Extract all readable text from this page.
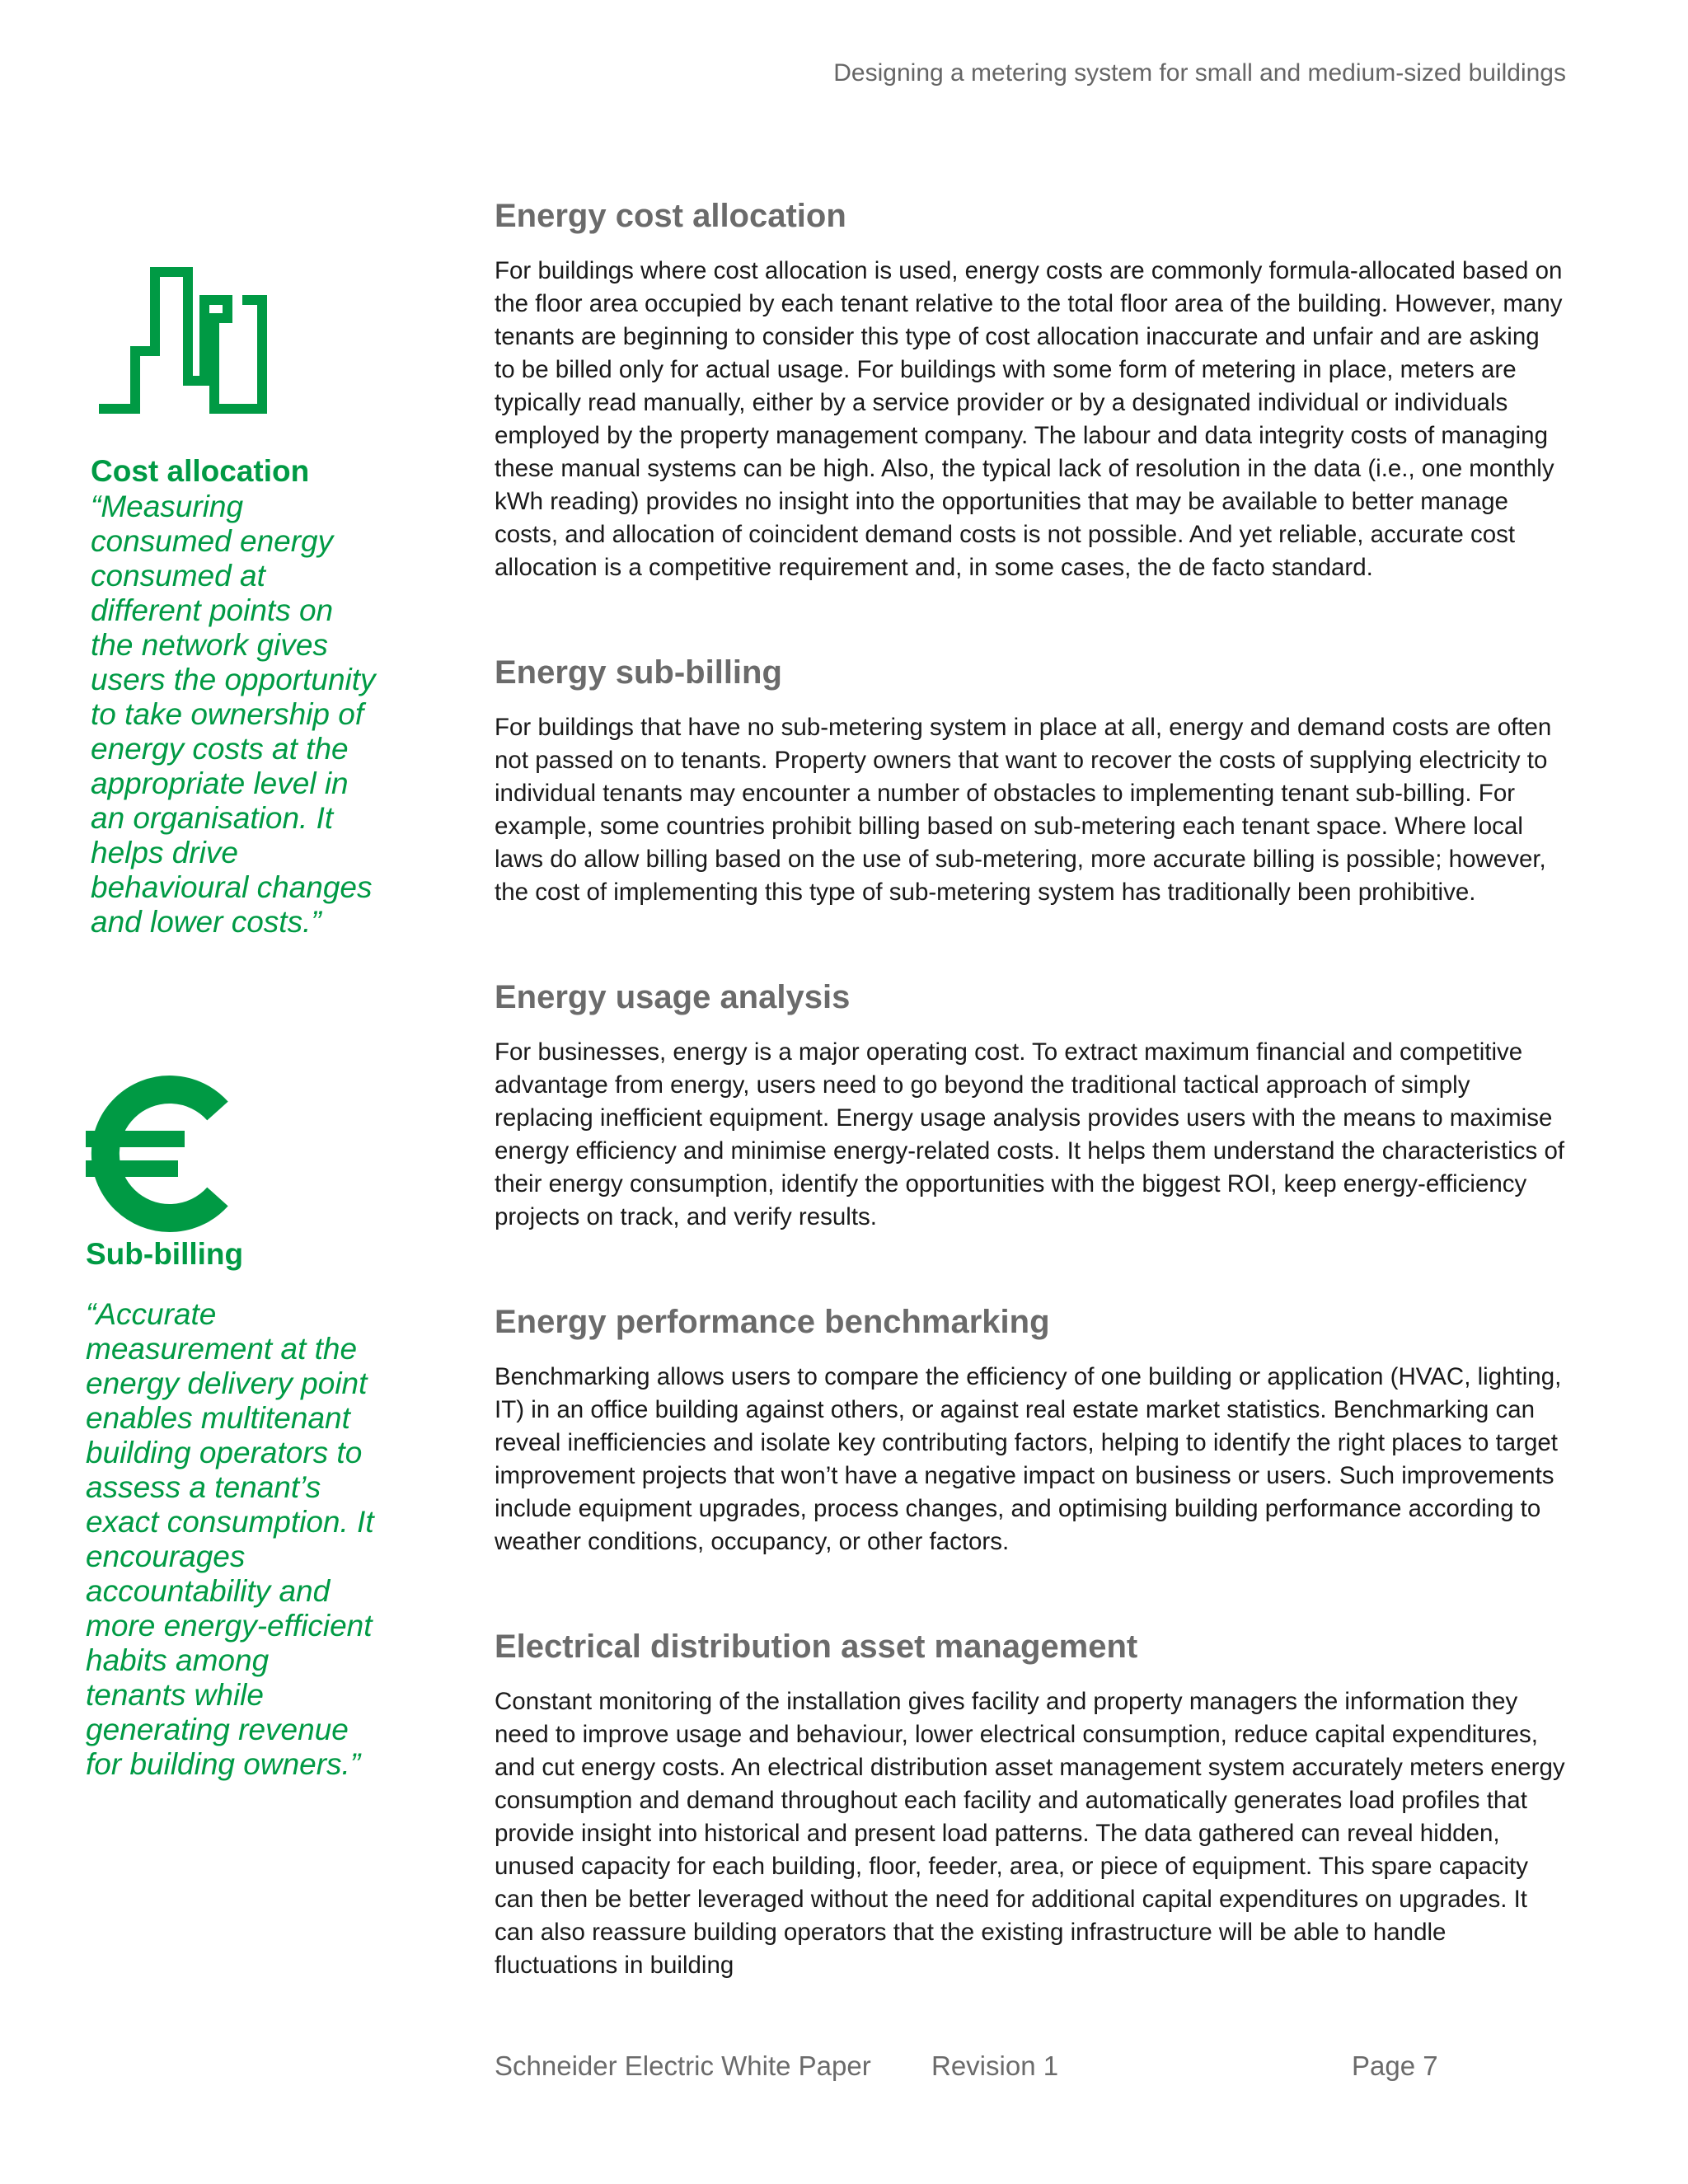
Designing a metering system for small and medium-sized buildings

Cost allocation

“Measuring consumed energy consumed at different points on the network gives users the opportunity to take ownership of energy costs at the appropriate level in an organisation. It helps drive behavioural changes and lower costs.”

Sub-billing

“Accurate measurement at the energy delivery point enables multitenant building operators to assess a tenant’s exact consumption. It encourages accountability and more energy-efficient habits among tenants while generating revenue for building owners.”

Energy cost allocation

For buildings where cost allocation is used, energy costs are commonly formula-allocated based on the floor area occupied by each tenant relative to the total floor area of the building. However, many tenants are beginning to consider this type of cost allocation inaccurate and unfair and are asking to be billed only for actual usage. For buildings with some form of metering in place, meters are typically read manually, either by a service provider or by a designated individual or individuals employed by the property management company. The labour and data integrity costs of managing these manual systems can be high. Also, the typical lack of resolution in the data (i.e., one monthly kWh reading) provides no insight into the opportunities that may be available to better manage costs, and allocation of coincident demand costs is not possible. And yet reliable, accurate cost allocation is a competitive requirement and, in some cases, the de facto standard.

Energy sub-billing

For buildings that have no sub-metering system in place at all, energy and demand costs are often not passed on to tenants. Property owners that want to recover the costs of supplying electricity to individual tenants may encounter a number of obstacles to implementing tenant sub-billing. For example, some countries prohibit billing based on sub-metering each tenant space. Where local laws do allow billing based on the use of sub-metering, more accurate billing is possible; however, the cost of implementing this type of sub-metering system has traditionally been prohibitive.

Energy usage analysis

For businesses, energy is a major operating cost. To extract maximum financial and competitive advantage from energy, users need to go beyond the traditional tactical approach of simply replacing inefficient equipment. Energy usage analysis provides users with the means to maximise energy efficiency and minimise energy-related costs. It helps them understand the characteristics of their energy consumption, identify the opportunities with the biggest ROI, keep energy-efficiency projects on track, and verify results.

Energy performance benchmarking

Benchmarking allows users to compare the efficiency of one building or application (HVAC, lighting, IT) in an office building against others, or against real estate market statistics. Benchmarking can reveal inefficiencies and isolate key contributing factors, helping to identify the right places to target improvement projects that won’t have a negative impact on business or users. Such improvements include equipment upgrades, process changes, and optimising building performance according to weather conditions, occupancy, or other factors.

Electrical distribution asset management

Constant monitoring of the installation gives facility and property managers the information they need to improve usage and behaviour, lower electrical consumption, reduce capital expenditures, and cut energy costs. An electrical distribution asset management system accurately meters energy consumption and demand throughout each facility and automatically generates load profiles that provide insight into historical and present load patterns. The data gathered can reveal hidden, unused capacity for each building, floor, feeder, area, or piece of equipment. This spare capacity can then be better leveraged without the need for additional capital expenditures on upgrades. It can also reassure building operators that the existing infrastructure will be able to handle fluctuations in building

Schneider Electric White Paper Revision 1	Page 7
